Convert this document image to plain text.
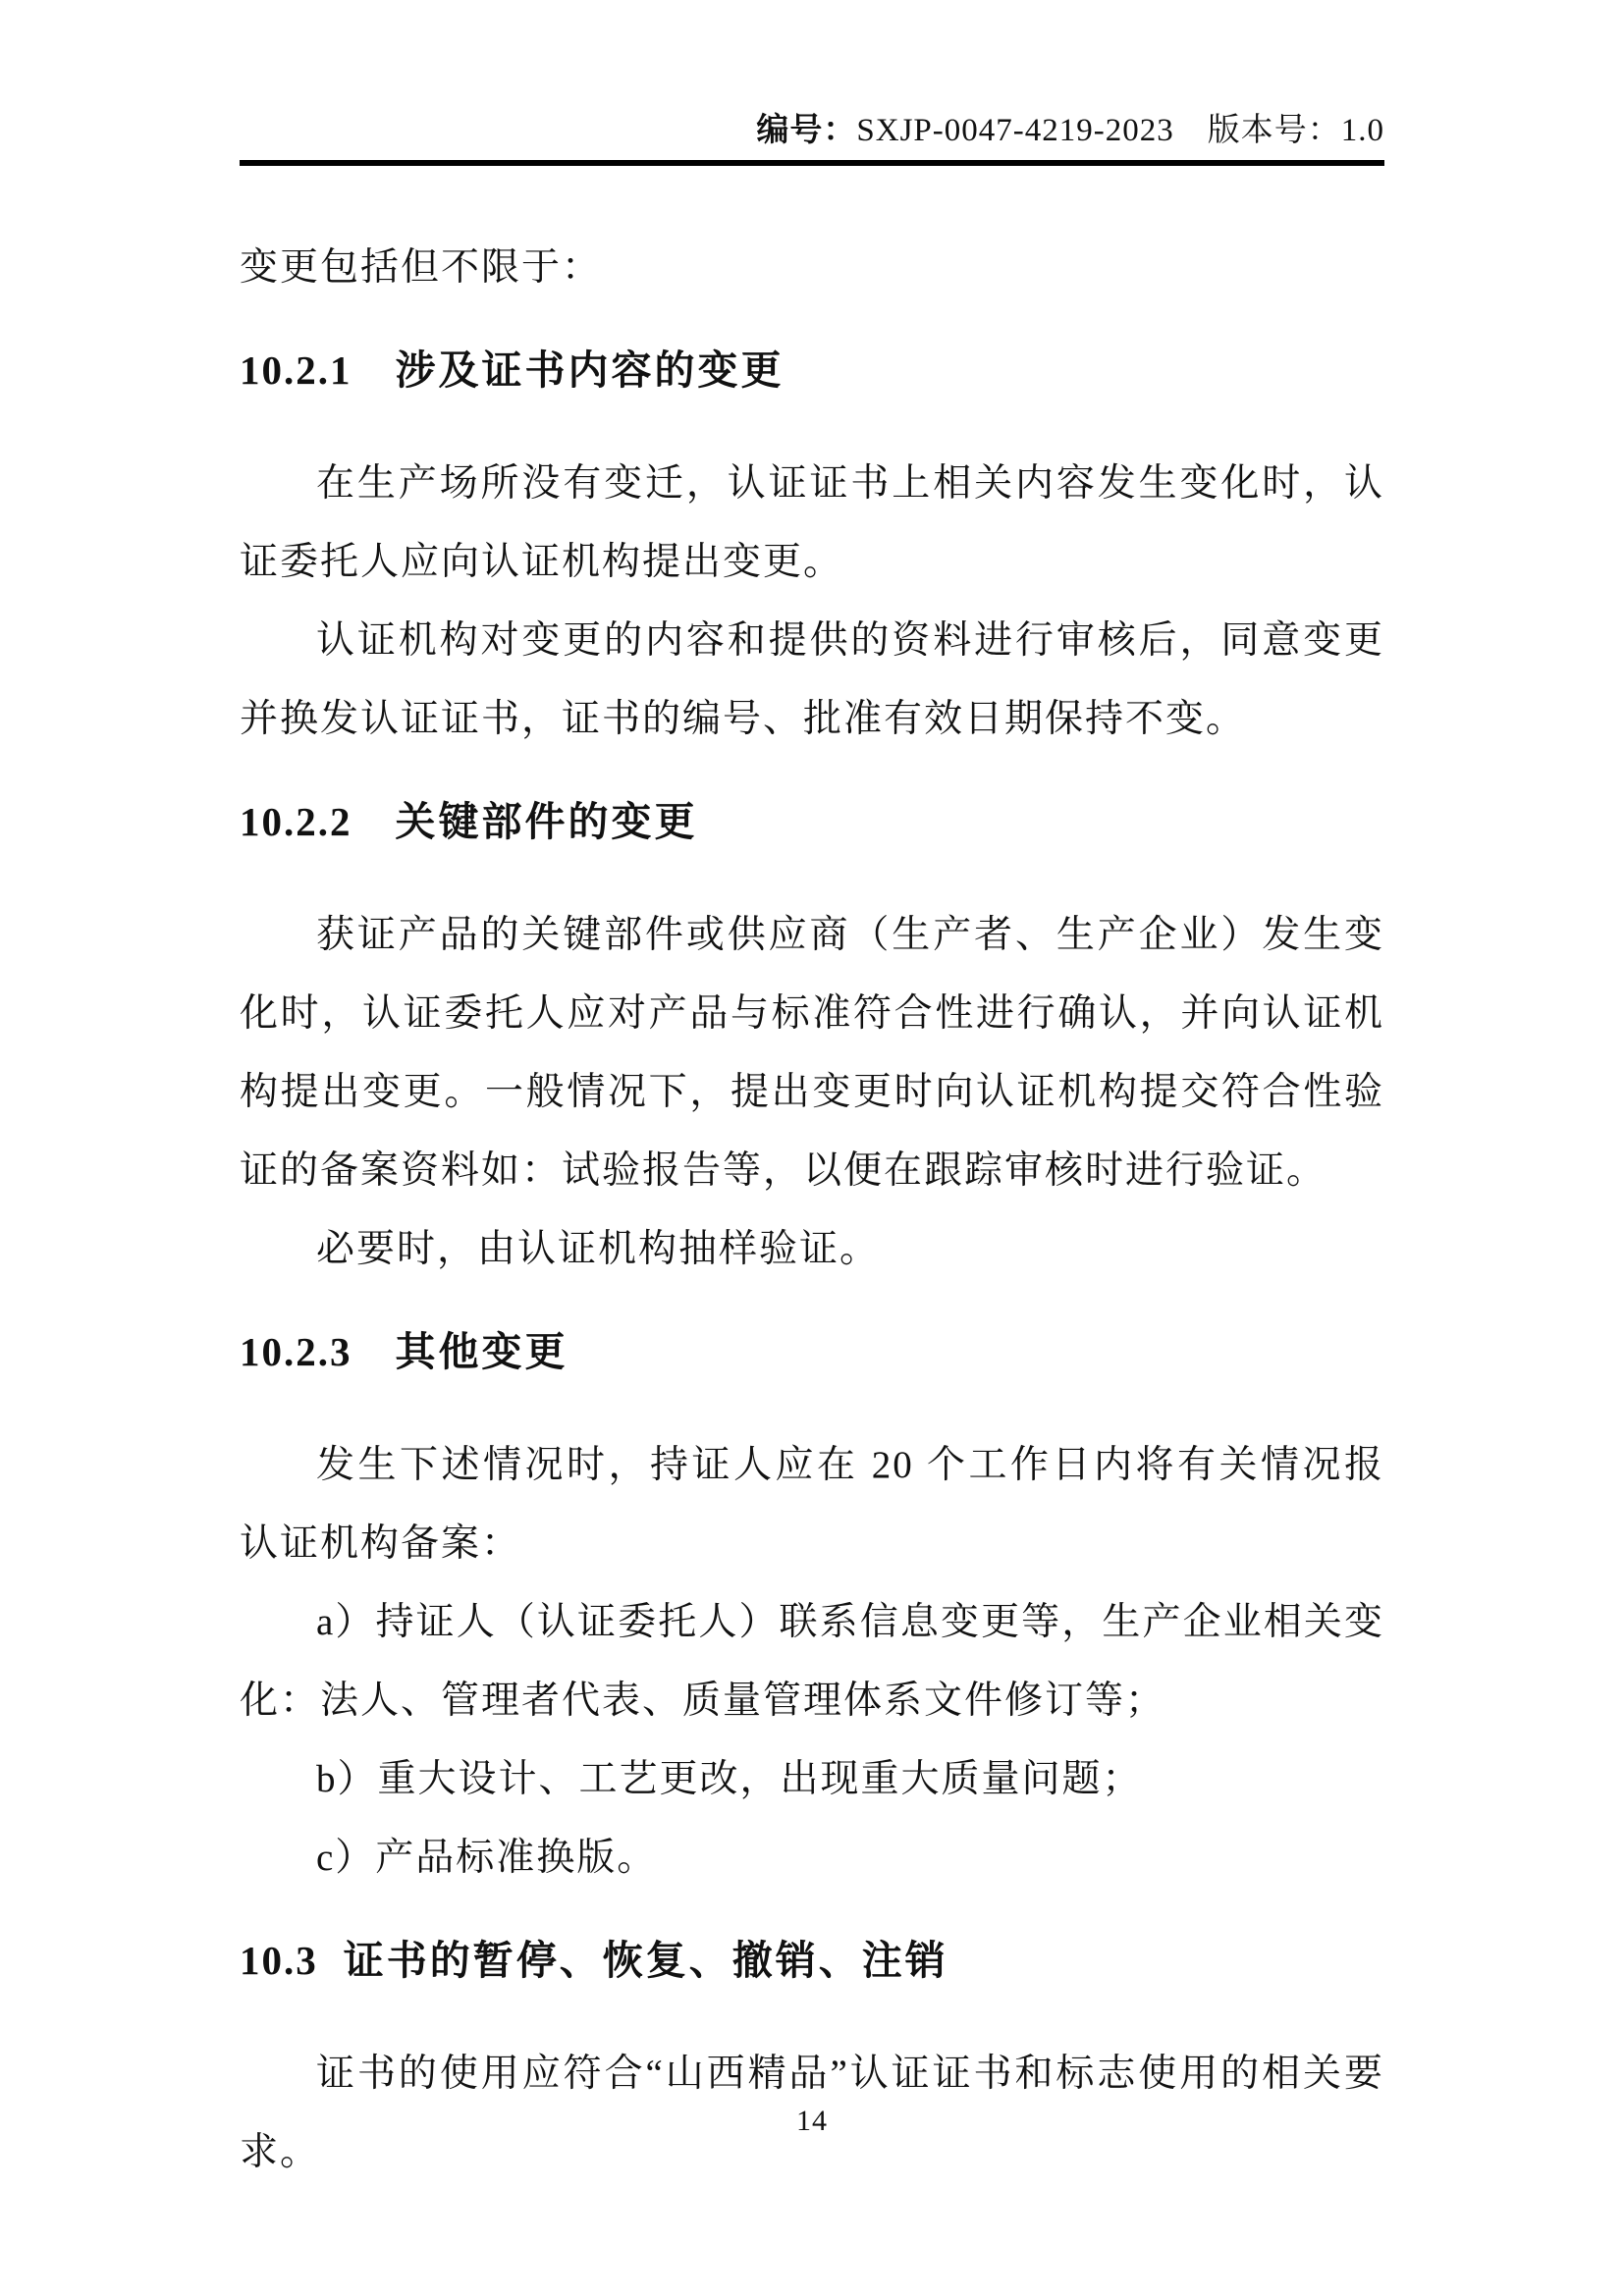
编号：SXJP-0047-4219-2023 版本号：1.0

变更包括但不限于：

10.2.1 涉及证书内容的变更

在生产场所没有变迁，认证证书上相关内容发生变化时，认证委托人应向认证机构提出变更。

认证机构对变更的内容和提供的资料进行审核后，同意变更并换发认证证书，证书的编号、批准有效日期保持不变。

10.2.2 关键部件的变更

获证产品的关键部件或供应商（生产者、生产企业）发生变化时，认证委托人应对产品与标准符合性进行确认，并向认证机构提出变更。一般情况下，提出变更时向认证机构提交符合性验证的备案资料如：试验报告等，以便在跟踪审核时进行验证。

必要时，由认证机构抽样验证。

10.2.3 其他变更

发生下述情况时，持证人应在 20 个工作日内将有关情况报认证机构备案：

a）持证人（认证委托人）联系信息变更等，生产企业相关变化：法人、管理者代表、质量管理体系文件修订等；

b）重大设计、工艺更改，出现重大质量问题；

c）产品标准换版。

10.3 证书的暂停、恢复、撤销、注销

证书的使用应符合“山西精品”认证证书和标志使用的相关要求。

14
